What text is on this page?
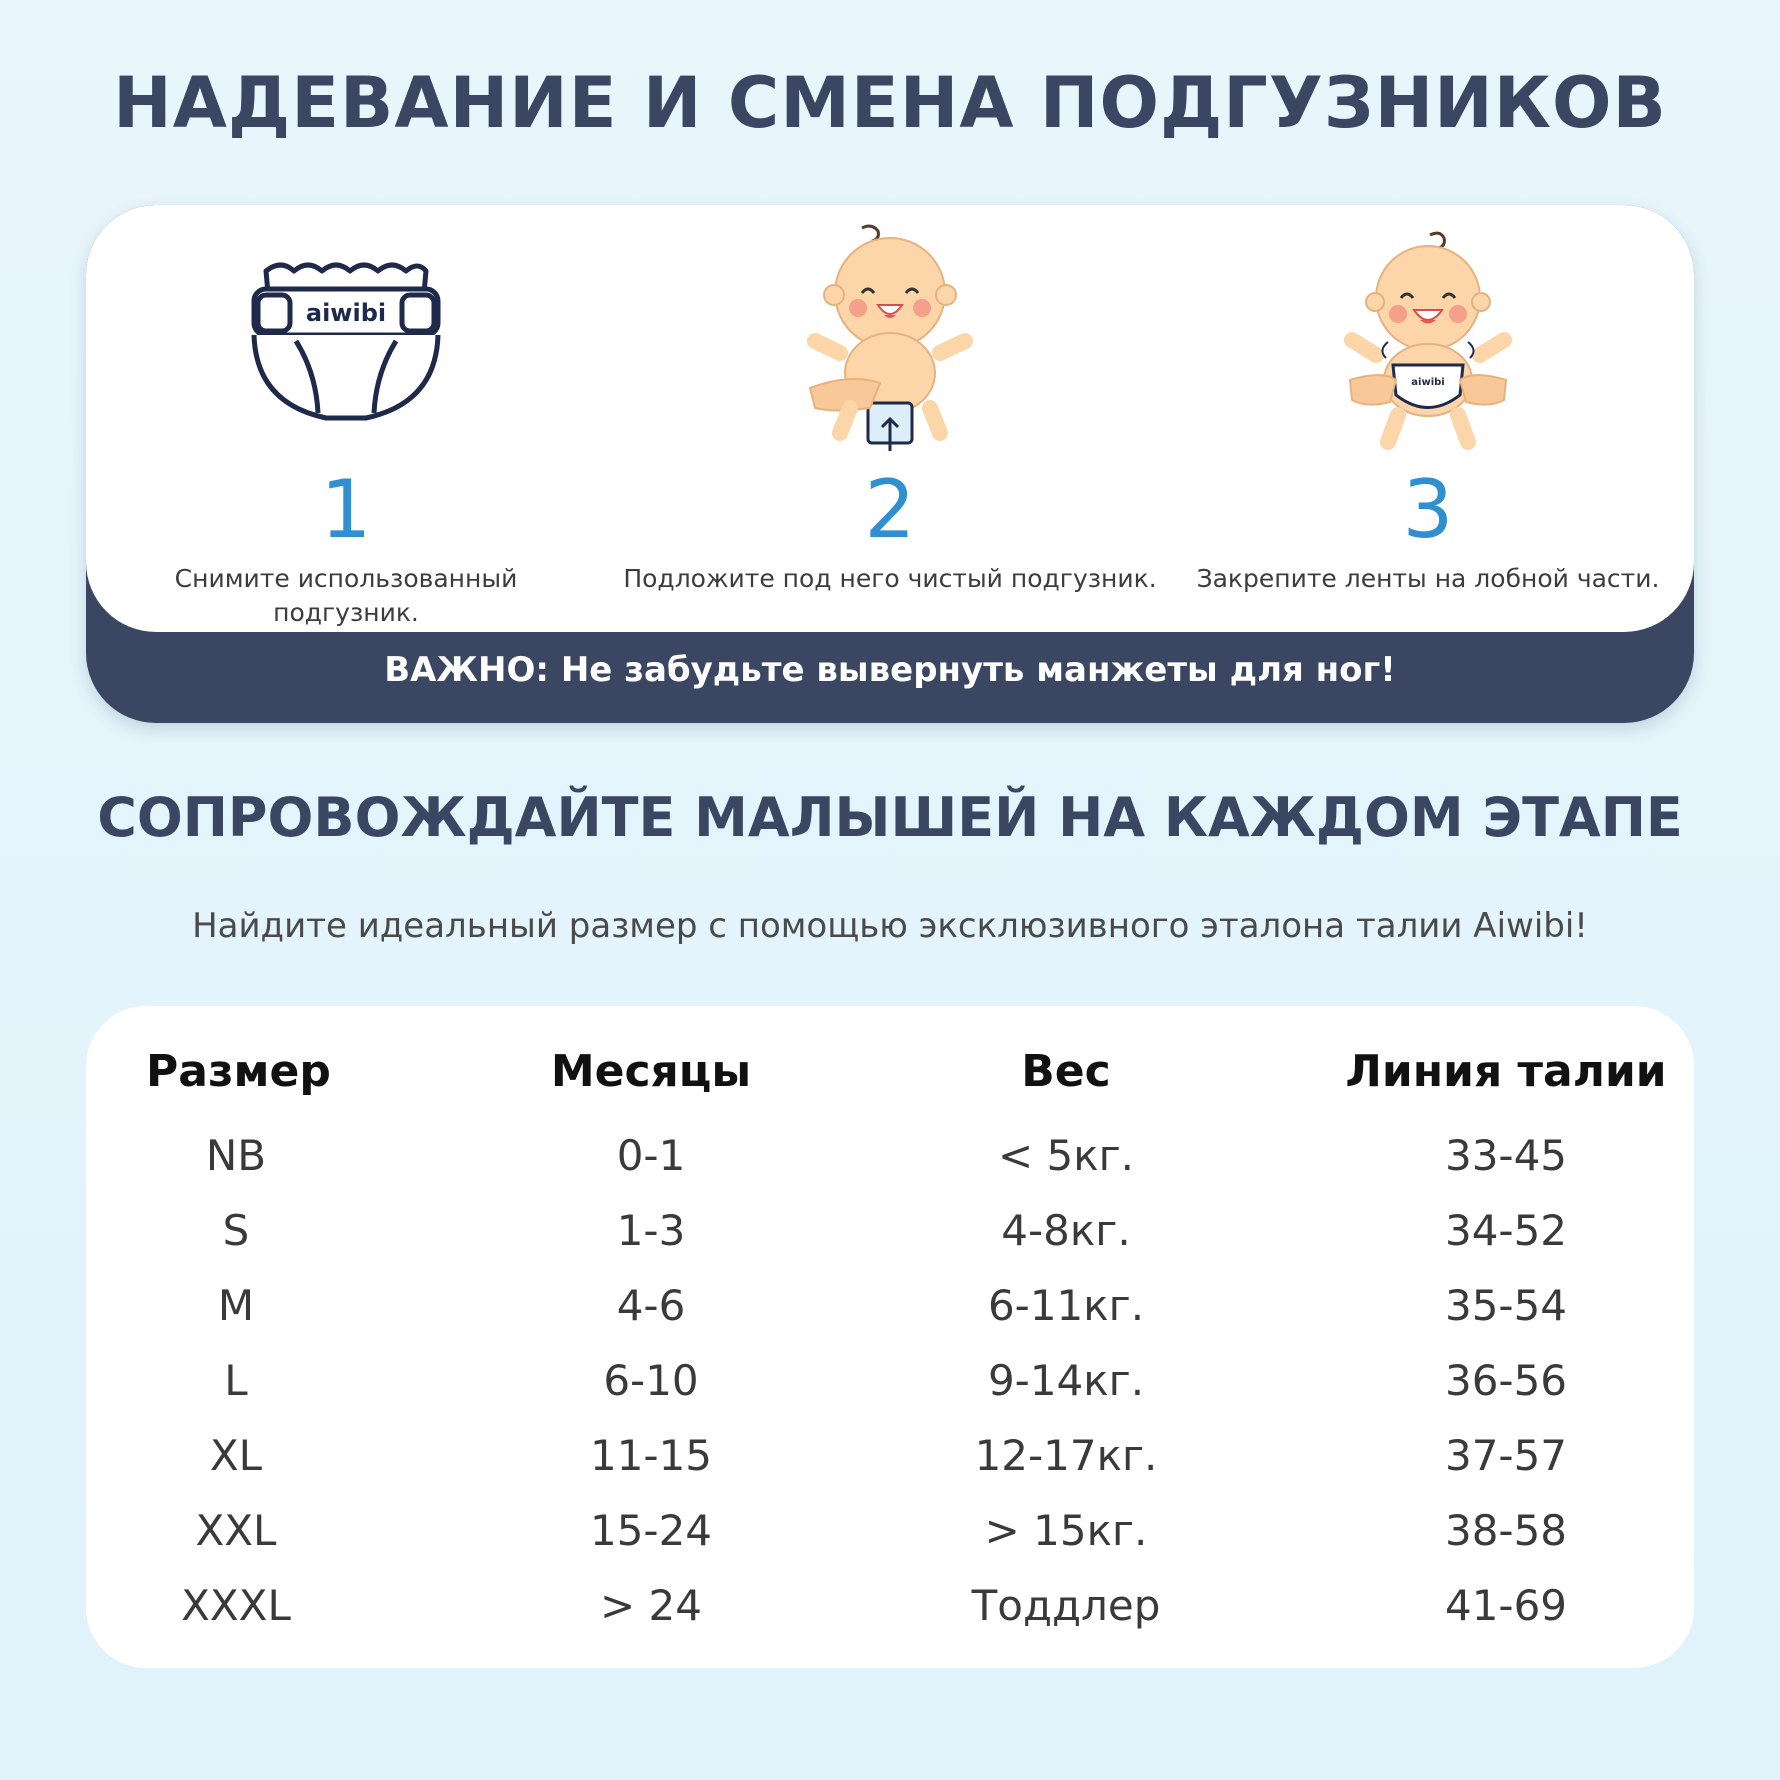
НАДЕВАНИЕ И СМЕНА ПОДГУЗНИКОВ
aiwibi
1
Снимите использованный подгузник.
2
Подложите под него чистый подгузник.
aiwibi
3
Закрепите ленты на лобной части.
ВАЖНО: Не забудьте вывернуть манжеты для ног!
СОПРОВОЖДАЙТЕ МАЛЫШЕЙ НА КАЖДОМ ЭТАПЕ
Найдите идеальный размер с помощью эксклюзивного эталона талии Aiwibi!
Размер
NB
S
M
L
XL
XXL
XXXL
Месяцы
0-1
1-3
4-6
6-10
11-15
15-24
> 24
Вес
< 5кг.
4-8кг.
6-11кг.
9-14кг.
12-17кг.
> 15кг.
Тоддлер
Линия талии
33-45
34-52
35-54
36-56
37-57
38-58
41-69
